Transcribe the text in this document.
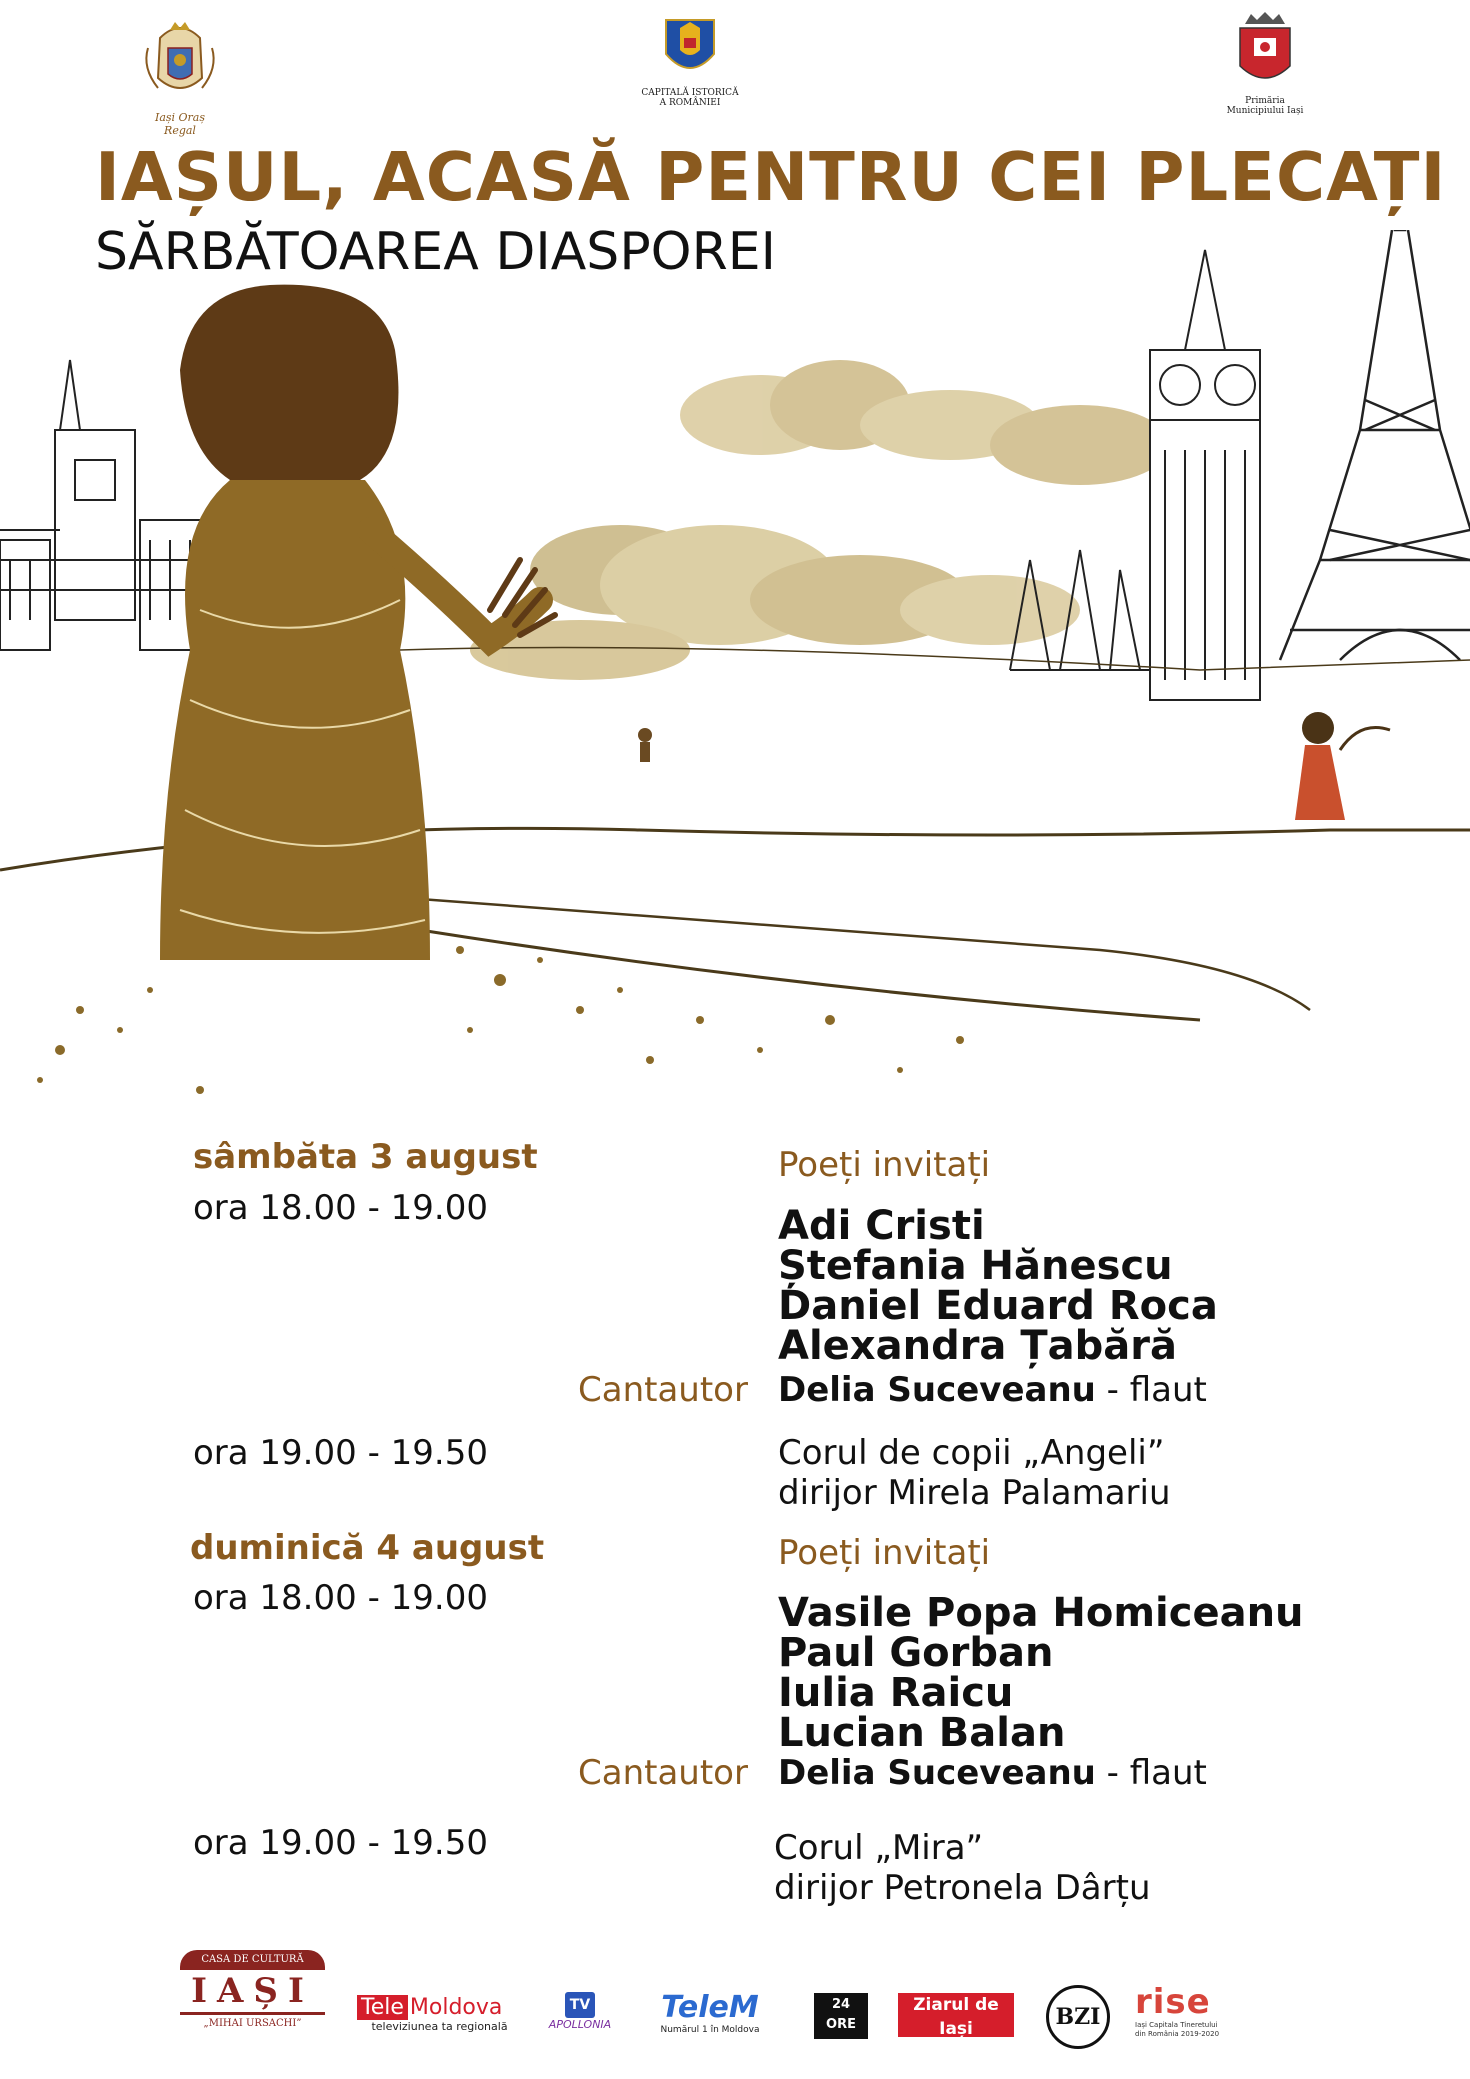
Iași Oraș Regal
CAPITALĂ ISTORICĂ
A ROMÂNIEI	Primăria
Municipiului Iași
IAȘUL, ACASĂ PENTRU CEI PLECAȚI
SĂRBĂTOAREA DIASPOREI
sâmbăta 3 august
ora 18.00 - 19.00
Poeți invitați
Adi Cristi
Ștefania Hănescu
Daniel Eduard Roca
Alexandra Țabără
Cantautor Delia Suceveanu - flaut
ora 19.00 - 19.50	Corul de copii „Angeli”
dirijor Mirela Palamariu
duminică 4 august
ora 18.00 - 19.00
Poeți invitați
Vasile Popa Homiceanu
Paul Gorban
Iulia Raicu
Lucian Balan
Cantautor Delia Suceveanu - flaut
ora 19.00 - 19.50	Corul „Mira”
dirijor Petronela Dârțu
CASA DE CULTURĂ
IAȘI
„MIHAI URSACHI”
Tele Moldova
televiziunea ta regională
TV
APOLLONIA	TeleM
Numărul 1 în Moldova
24 ORE
Ziarul de Iași
liderul presei ieșene
BZI rise
Iași Capitala Tineretului din România 2019-2020
